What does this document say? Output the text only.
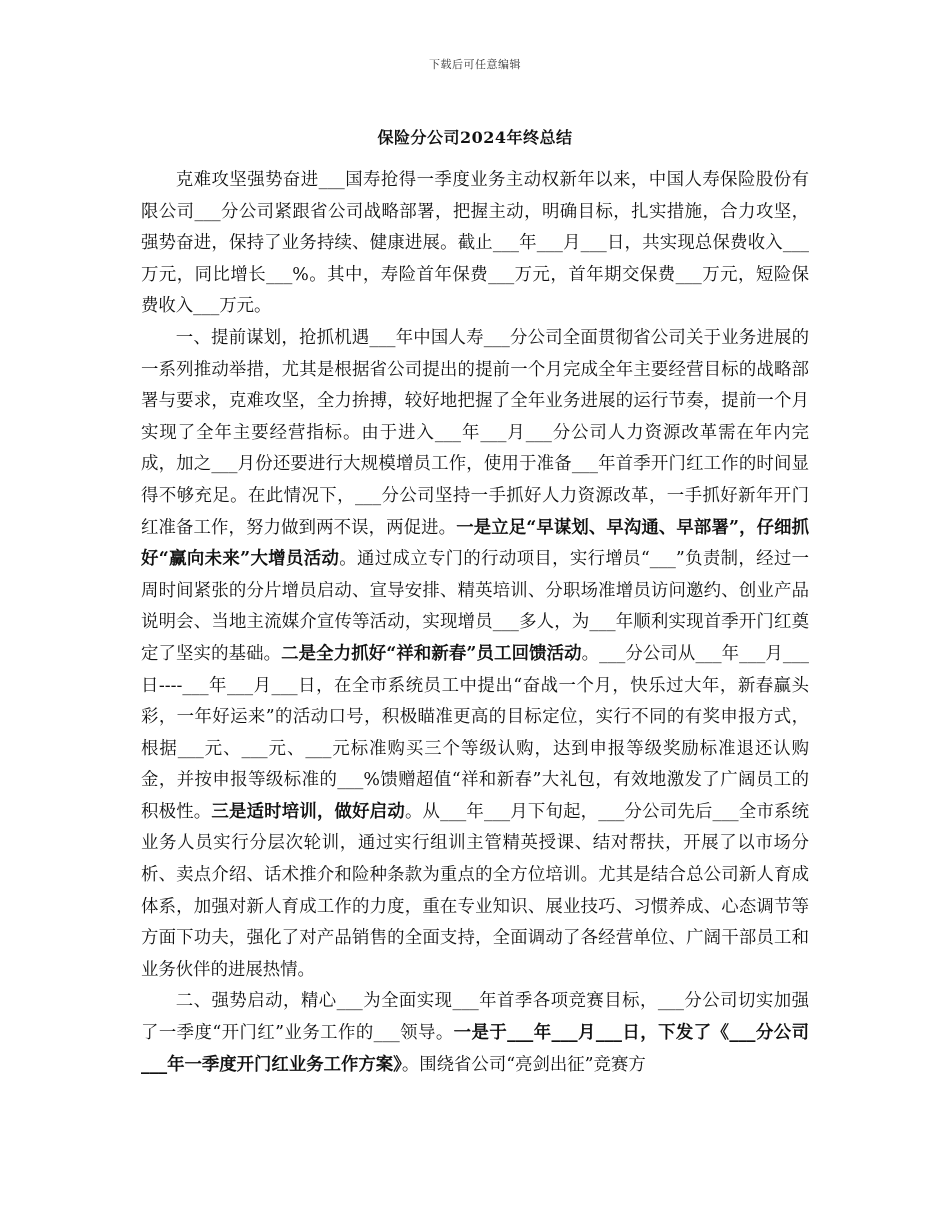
下载后可任意编辑
保险分公司2024年终总结

克难攻坚强势奋进___国寿抢得一季度业务主动权新年以来，中国人寿保险股份有限公司___分公司紧跟省公司战略部署，把握主动，明确目标，扎实措施，合力攻坚，强势奋进，保持了业务持续、健康进展。截止___年___月___日，共实现总保费收入___万元，同比增长___%。其中，寿险首年保费___万元，首年期交保费___万元，短险保费收入___万元。

一、提前谋划，抢抓机遇___年中国人寿___分公司全面贯彻省公司关于业务进展的一系列推动举措，尤其是根据省公司提出的提前一个月完成全年主要经营目标的战略部署与要求，克难攻坚，全力拚搏，较好地把握了全年业务进展的运行节奏，提前一个月实现了全年主要经营指标。由于进入___年___月___分公司人力资源改革需在年内完成，加之___月份还要进行大规模增员工作，使用于准备___年首季开门红工作的时间显得不够充足。在此情况下，___分公司坚持一手抓好人力资源改革，一手抓好新年开门红准备工作，努力做到两不误，两促进。一是立足“早谋划、早沟通、早部署”，仔细抓好“赢向未来”大增员活动。通过成立专门的行动项目，实行增员“___”负责制，经过一周时间紧张的分片增员启动、宣导安排、精英培训、分职场准增员访问邀约、创业产品说明会、当地主流媒介宣传等活动，实现增员___多人，为___年顺利实现首季开门红奠定了坚实的基础。二是全力抓好“祥和新春”员工回馈活动。___分公司从___年___月___日----___年___月___日，在全市系统员工中提出“奋战一个月，快乐过大年，新春赢头彩，一年好运来”的活动口号，积极瞄准更高的目标定位，实行不同的有奖申报方式，根据___元、___元、___元标准购买三个等级认购，达到申报等级奖励标准退还认购金，并按申报等级标准的___%馈赠超值“祥和新春”大礼包，有效地激发了广阔员工的积极性。三是适时培训，做好启动。从___年___月下旬起，___分公司先后___全市系统业务人员实行分层次轮训，通过实行组训主管精英授课、结对帮扶，开展了以市场分析、卖点介绍、话术推介和险种条款为重点的全方位培训。尤其是结合总公司新人育成体系，加强对新人育成工作的力度，重在专业知识、展业技巧、习惯养成、心态调节等方面下功夫，强化了对产品销售的全面支持，全面调动了各经营单位、广阔干部员工和业务伙伴的进展热情。

二、强势启动，精心___为全面实现___年首季各项竞赛目标，___分公司切实加强了一季度“开门红”业务工作的___领导。一是于___年___月___日，下发了《___分公司___年一季度开门红业务工作方案》。围绕省公司“亮剑出征”竞赛方
